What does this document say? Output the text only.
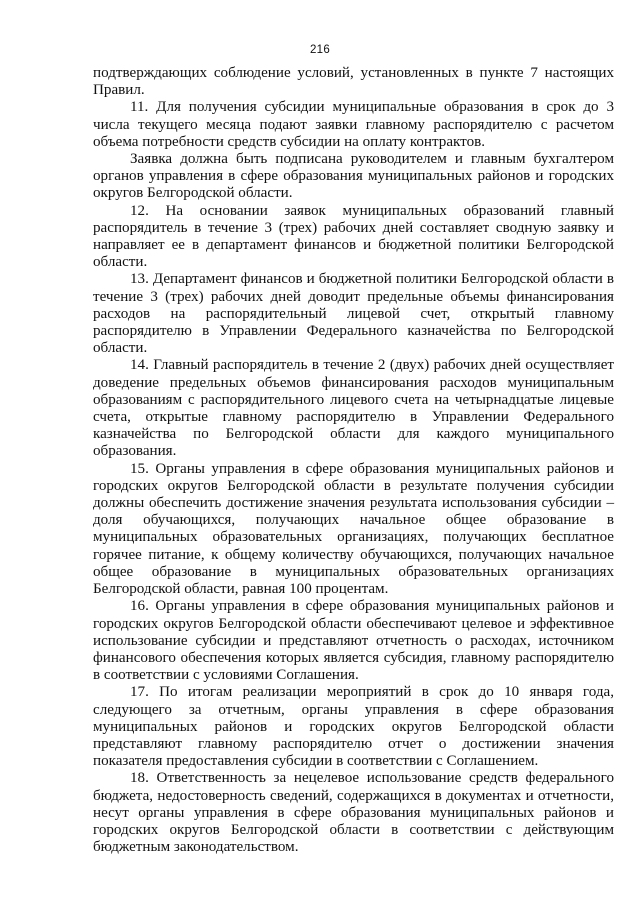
216

подтверждающих соблюдение условий, установленных в пункте 7 настоящих Правил.

11. Для получения субсидии муниципальные образования в срок до 3 числа текущего месяца подают заявки главному распорядителю с расчетом объема потребности средств субсидии на оплату контрактов.

Заявка должна быть подписана руководителем и главным бухгалтером органов управления в сфере образования муниципальных районов и городских округов Белгородской области.

12. На основании заявок муниципальных образований главный распорядитель в течение 3 (трех) рабочих дней составляет сводную заявку и направляет ее в департамент финансов и бюджетной политики Белгородской области.

13. Департамент финансов и бюджетной политики Белгородской области в течение 3 (трех) рабочих дней доводит предельные объемы финансирования расходов на распорядительный лицевой счет, открытый главному распорядителю в Управлении Федерального казначейства по Белгородской области.

14. Главный распорядитель в течение 2 (двух) рабочих дней осуществляет доведение предельных объемов финансирования расходов муниципальным образованиям с распорядительного лицевого счета на четырнадцатые лицевые счета, открытые главному распорядителю в Управлении Федерального казначейства по Белгородской области для каждого муниципального образования.

15. Органы управления в сфере образования муниципальных районов и городских округов Белгородской области в результате получения субсидии должны обеспечить достижение значения результата использования субсидии – доля обучающихся, получающих начальное общее образование в муниципальных образовательных организациях, получающих бесплатное горячее питание, к общему количеству обучающихся, получающих начальное общее образование в муниципальных образовательных организациях Белгородской области, равная 100 процентам.

16. Органы управления в сфере образования муниципальных районов и городских округов Белгородской области обеспечивают целевое и эффективное использование субсидии и представляют отчетность о расходах, источником финансового обеспечения которых является субсидия, главному распорядителю в соответствии с условиями Соглашения.

17. По итогам реализации мероприятий в срок до 10 января года, следующего за отчетным, органы управления в сфере образования муниципальных районов и городских округов Белгородской области представляют главному распорядителю отчет о достижении значения показателя предоставления субсидии в соответствии с Соглашением.

18. Ответственность за нецелевое использование средств федерального бюджета, недостоверность сведений, содержащихся в документах и отчетности, несут органы управления в сфере образования муниципальных районов и городских округов Белгородской области в соответствии с действующим бюджетным законодательством.
